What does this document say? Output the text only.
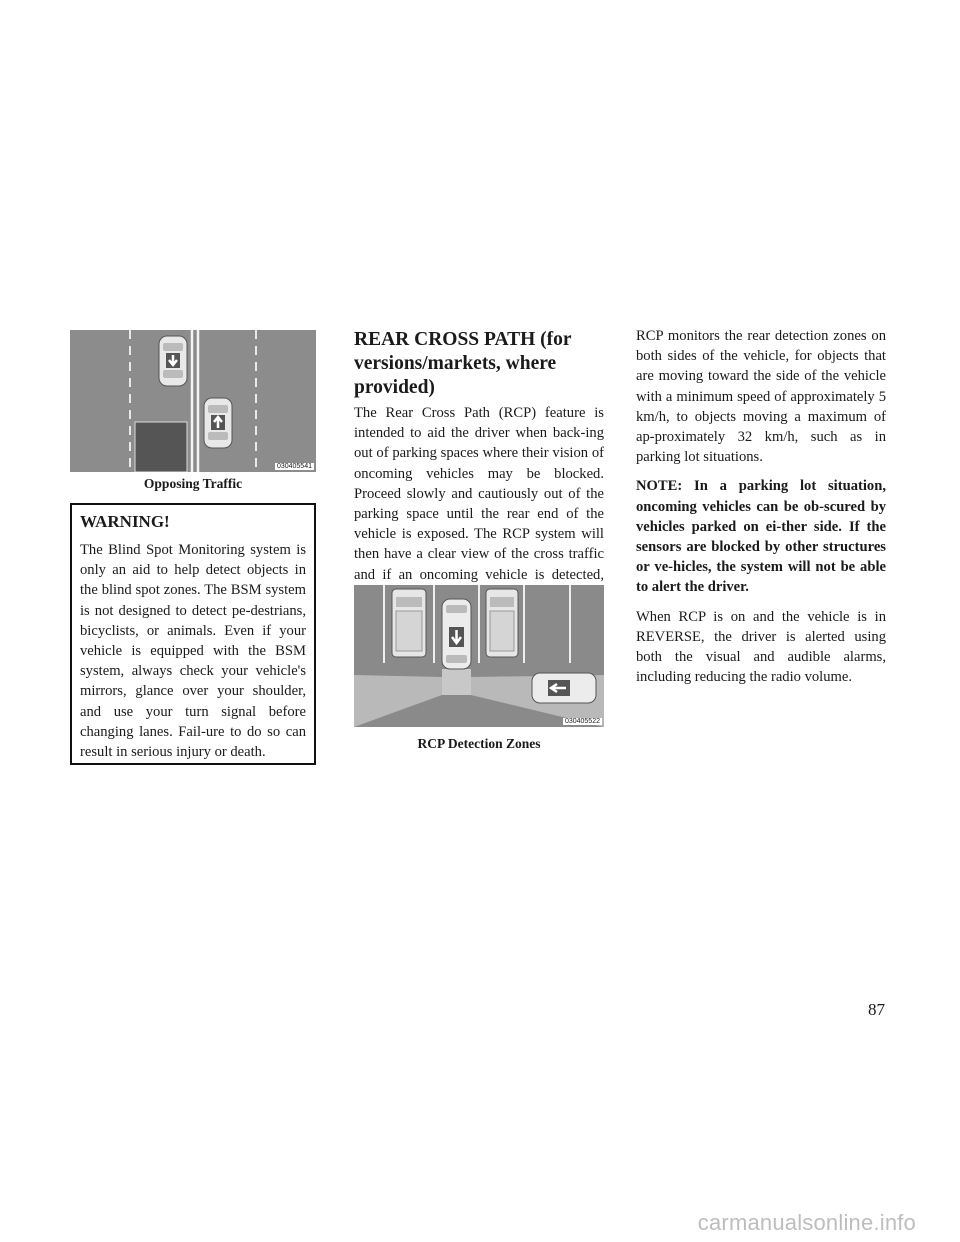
030405541
Opposing Traffic
WARNING!

The Blind Spot Monitoring system is only an aid to help detect objects in the blind spot zones. The BSM system is not designed to detect pe-destrians, bicyclists, or animals. Even if your vehicle is equipped with the BSM system, always check your vehicle's mirrors, glance over your shoulder, and use your turn signal before changing lanes. Fail-ure to do so can result in serious injury or death.

REAR CROSS PATH (for versions/markets, where provided)

The Rear Cross Path (RCP) feature is intended to aid the driver when back-ing out of parking spaces where their vision of oncoming vehicles may be blocked. Proceed slowly and cautiously out of the parking space until the rear end of the vehicle is exposed. The RCP system will then have a clear view of the cross traffic and if an oncoming vehicle is detected,

030405522
RCP Detection Zones

RCP monitors the rear detection zones on both sides of the vehicle, for objects that are moving toward the side of the vehicle with a minimum speed of approximately 5 km/h, to objects moving a maximum of ap-proximately 32 km/h, such as in parking lot situations.

NOTE: In a parking lot situation, oncoming vehicles can be ob-scured by vehicles parked on ei-ther side. If the sensors are blocked by other structures or ve-hicles, the system will not be able to alert the driver.

When RCP is on and the vehicle is in REVERSE, the driver is alerted using both the visual and audible alarms, including reducing the radio volume.

87
carmanualsonline.info
